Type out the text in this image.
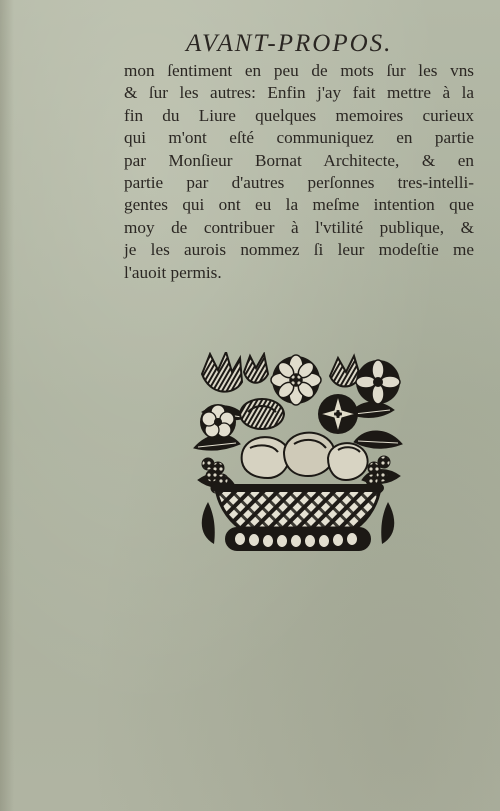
AVANT-PROPOS.
mon ſentiment en peu de mots ſur les vns
& ſur les autres: Enfin j'ay fait mettre à la
fin du Liure quelques memoires curieux
qui m'ont eſté communiquez en partie
par Monſieur Bornat Architecte, & en
partie par d'autres perſonnes tres-intelli-
gentes qui ont eu la meſme intention que
moy de contribuer à l'vtilité publique, &
je les aurois nommez ſi leur modeſtie me
l'auoit permis.
